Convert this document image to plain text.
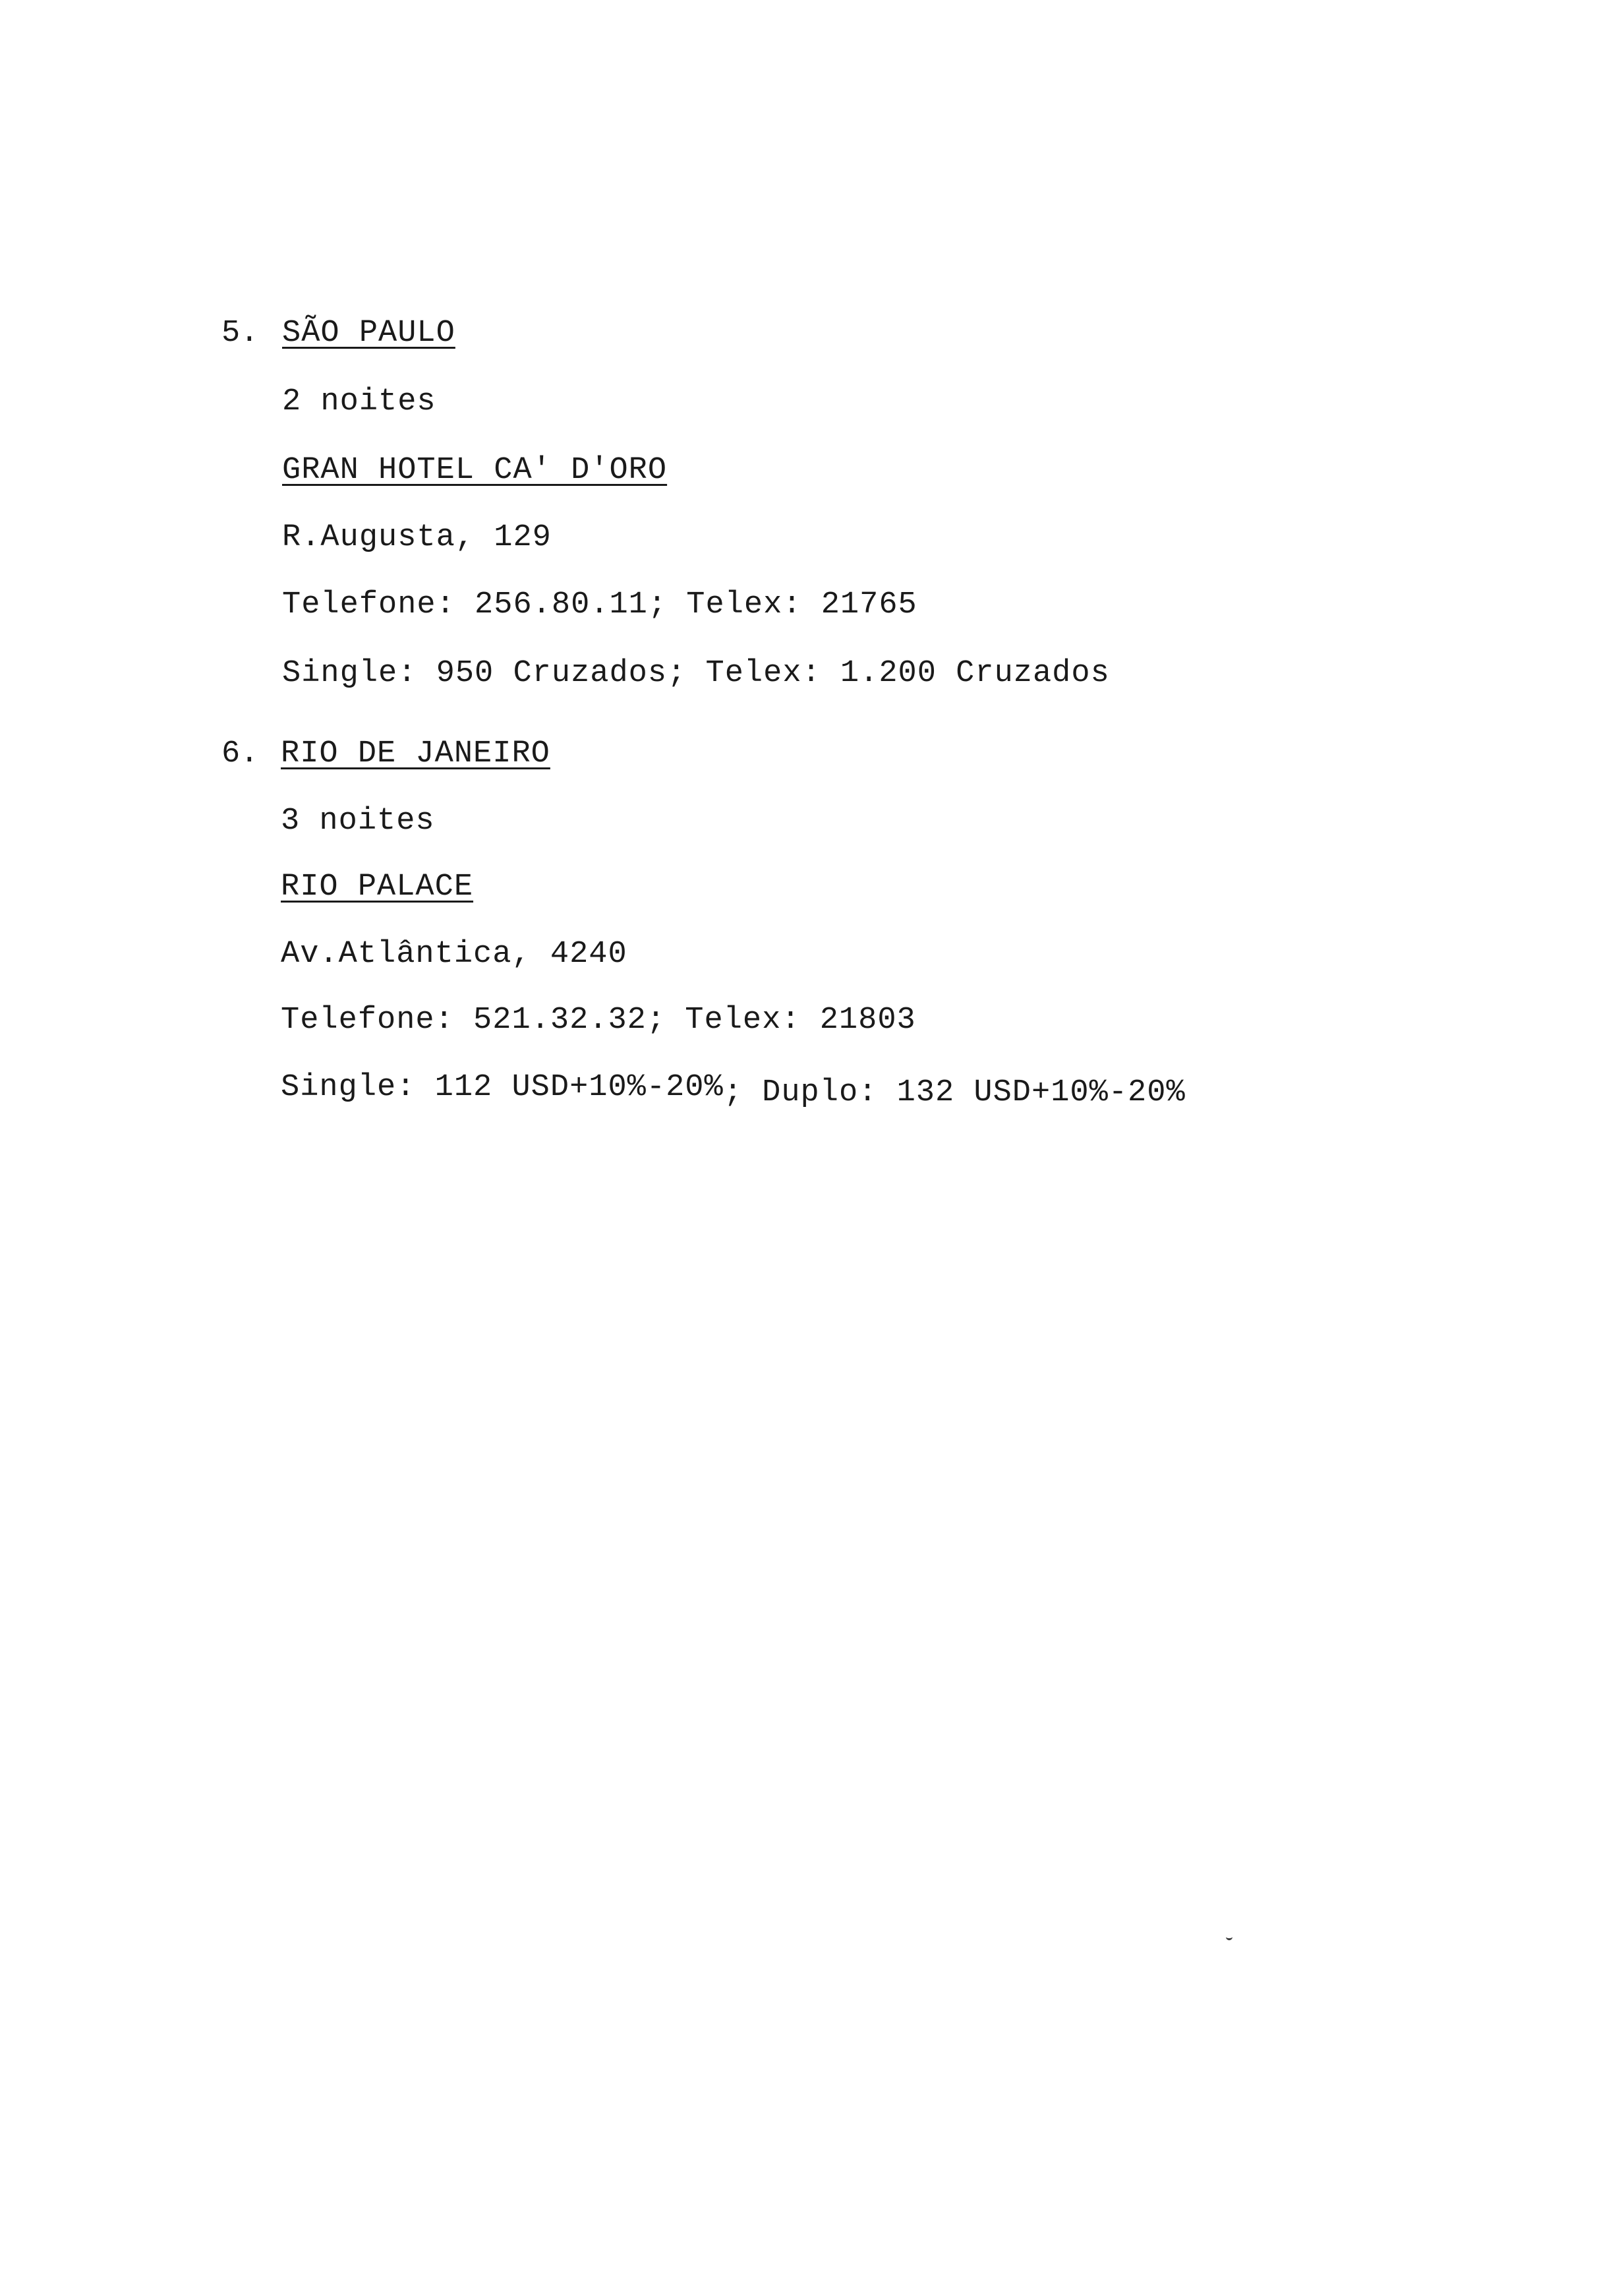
5. SÃO PAULO
2 noites
GRAN HOTEL CA' D'ORO
R.Augusta, 129
Telefone: 256.80.11; Telex: 21765
Single: 950 Cruzados; Telex: 1.200 Cruzados
6. RIO DE JANEIRO
3 noites
RIO PALACE
Av.Atlântica, 4240
Telefone: 521.32.32; Telex: 21803
Single: 112 USD+10%-20%; Duplo: 132 USD+10%-20%
